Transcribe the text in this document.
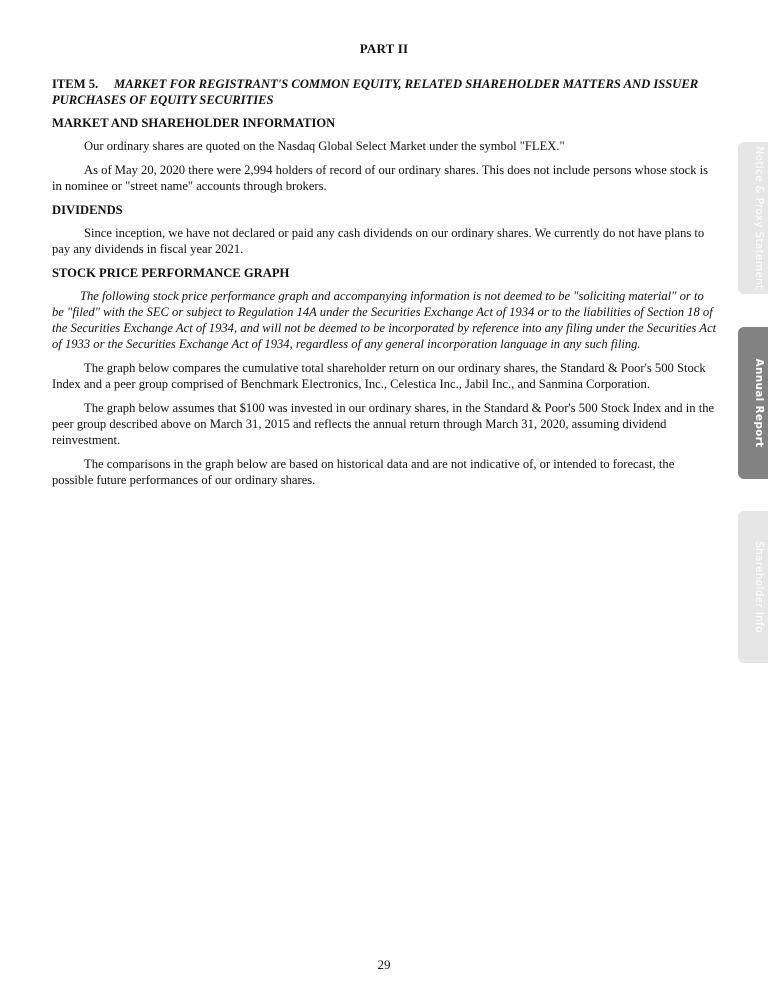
PART II
ITEM 5. MARKET FOR REGISTRANT'S COMMON EQUITY, RELATED SHAREHOLDER MATTERS AND ISSUER PURCHASES OF EQUITY SECURITIES
MARKET AND SHAREHOLDER INFORMATION

Our ordinary shares are quoted on the Nasdaq Global Select Market under the symbol "FLEX."

As of May 20, 2020 there were 2,994 holders of record of our ordinary shares. This does not include persons whose stock is in nominee or "street name" accounts through brokers.

DIVIDENDS

Since inception, we have not declared or paid any cash dividends on our ordinary shares. We currently do not have plans to pay any dividends in fiscal year 2021.

STOCK PRICE PERFORMANCE GRAPH

The following stock price performance graph and accompanying information is not deemed to be "soliciting material" or to be "filed" with the SEC or subject to Regulation 14A under the Securities Exchange Act of 1934 or to the liabilities of Section 18 of the Securities Exchange Act of 1934, and will not be deemed to be incorporated by reference into any filing under the Securities Act of 1933 or the Securities Exchange Act of 1934, regardless of any general incorporation language in any such filing.

The graph below compares the cumulative total shareholder return on our ordinary shares, the Standard & Poor's 500 Stock Index and a peer group comprised of Benchmark Electronics, Inc., Celestica Inc., Jabil Inc., and Sanmina Corporation.

The graph below assumes that $100 was invested in our ordinary shares, in the Standard & Poor's 500 Stock Index and in the peer group described above on March 31, 2015 and reflects the annual return through March 31, 2020, assuming dividend reinvestment.

The comparisons in the graph below are based on historical data and are not indicative of, or intended to forecast, the possible future performances of our ordinary shares.

29
Notice & Proxy Statement
Annual Report
Shareholder Info
